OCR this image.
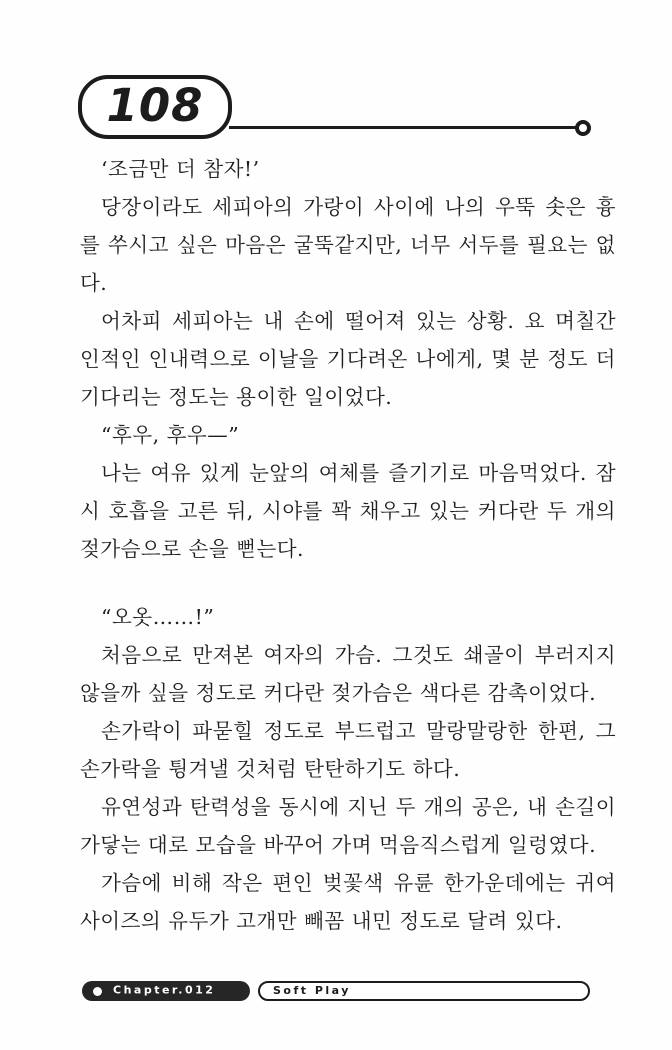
108
‘조금만 더 참자!’
당장이라도 세피아의 가랑이 사이에 나의 우뚝 솟은 흉
를 쑤시고 싶은 마음은 굴뚝같지만, 너무 서두를 필요는 없
다.
어차피 세피아는 내 손에 떨어져 있는 상황. 요 며칠간
인적인 인내력으로 이날을 기다려온 나에게, 몇 분 정도 더
기다리는 정도는 용이한 일이었다.
“후우, 후우—”
나는 여유 있게 눈앞의 여체를 즐기기로 마음먹었다. 잠
시 호흡을 고른 뒤, 시야를 꽉 채우고 있는 커다란 두 개의
젖가슴으로 손을 뻗는다.
“오옷……!”
처음으로 만져본 여자의 가슴. 그것도 쇄골이 부러지지
않을까 싶을 정도로 커다란 젖가슴은 색다른 감촉이었다.
손가락이 파묻힐 정도로 부드럽고 말랑말랑한 한편, 그
손가락을 튕겨낼 것처럼 탄탄하기도 하다.
유연성과 탄력성을 동시에 지닌 두 개의 공은, 내 손길이
가닿는 대로 모습을 바꾸어 가며 먹음직스럽게 일렁였다.
가슴에 비해 작은 편인 벚꽃색 유륜 한가운데에는 귀여
사이즈의 유두가 고개만 빼꼼 내민 정도로 달려 있다.
Chapter.012	Soft Play
